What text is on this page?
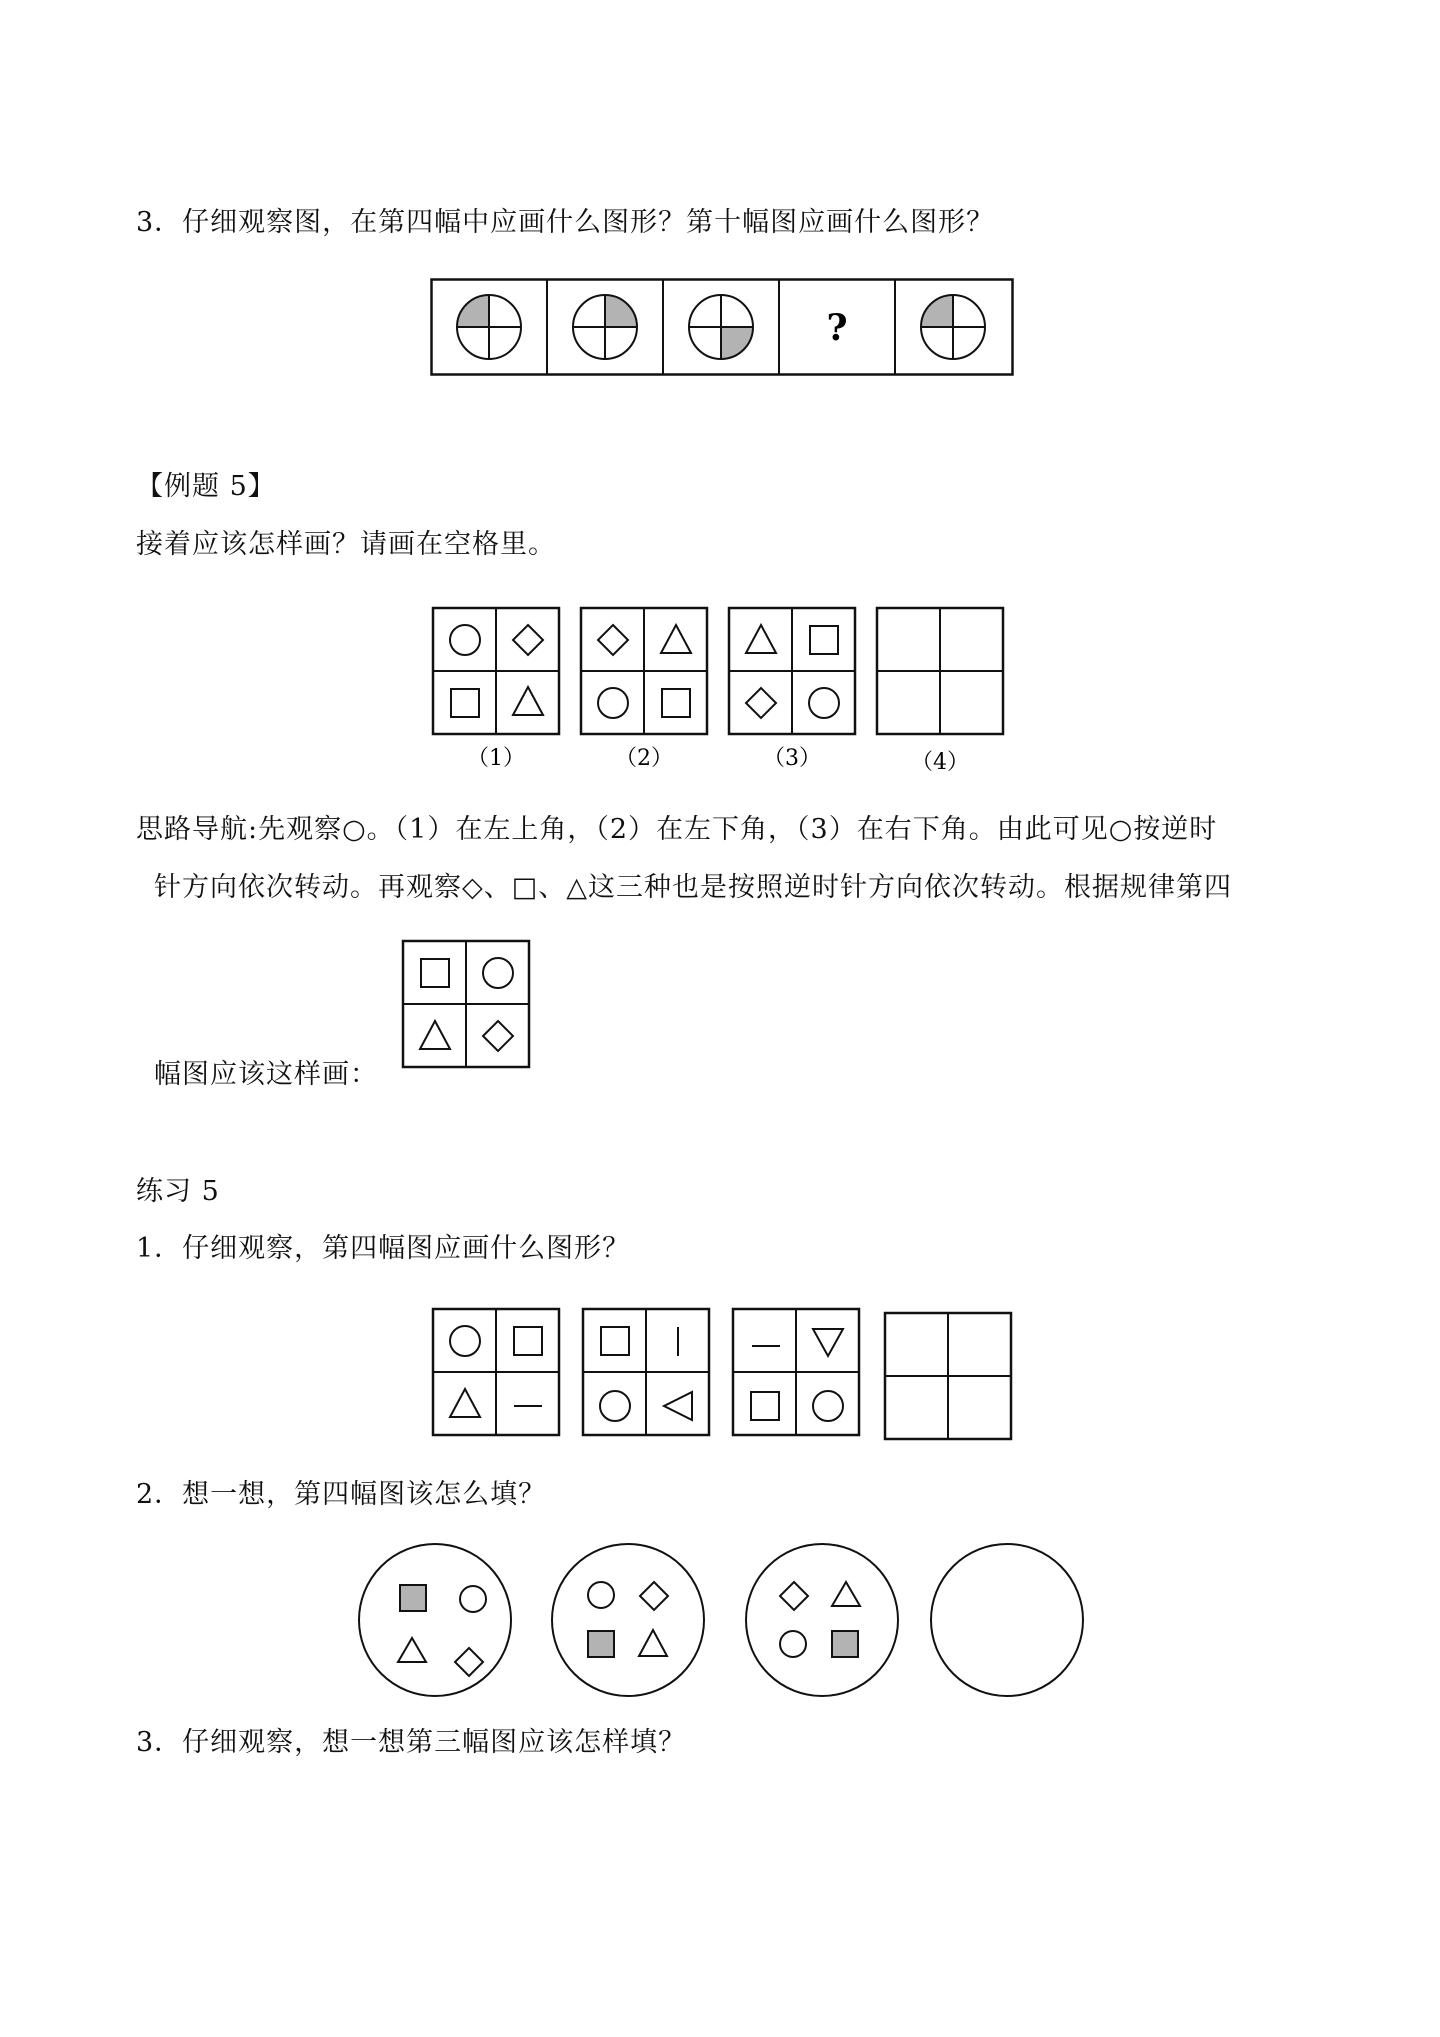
3．仔细观察图，在第四幅中应画什么图形？第十幅图应画什么图形？
?
【例题 5】
接着应该怎样画？请画在空格里。
（1）	（2）	（3）	（4）
思路导航:先观察○。（1）在左上角，（2）在左下角，（3）在右下角。由此可见○按逆时
针方向依次转动。再观察◇、□、△这三种也是按照逆时针方向依次转动。根据规律第四
幅图应该这样画：
练习 5
1．仔细观察，第四幅图应画什么图形？
2．想一想，第四幅图该怎么填？
3．仔细观察，想一想第三幅图应该怎样填？
